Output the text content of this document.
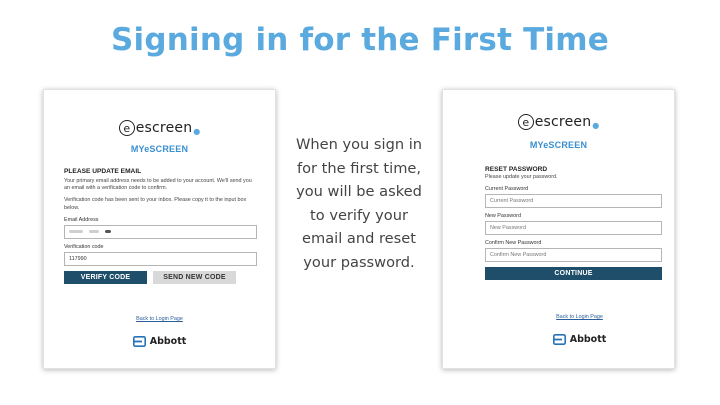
Signing in for the First Time
e escreen ●
MYeSCREEN
PLEASE UPDATE EMAIL
Your primary email address needs to be added to your account. We'll send you an email with a verification code to confirm.
Verification code has been sent to your inbox. Please copy it to the input box below.
Email Address
Verification code
117990
VERIFY CODE	SEND NEW CODE
Back to Login Page
Abbott
When you sign in
for the first time,
you will be asked
to verify your
email and reset
your password.
e escreen ●
MYeSCREEN
RESET PASSWORD
Please update your password.
Current Password
Current Password
New Password
New Password
Confirm New Password
Confirm New Password
CONTINUE
Back to Login Page
Abbott
